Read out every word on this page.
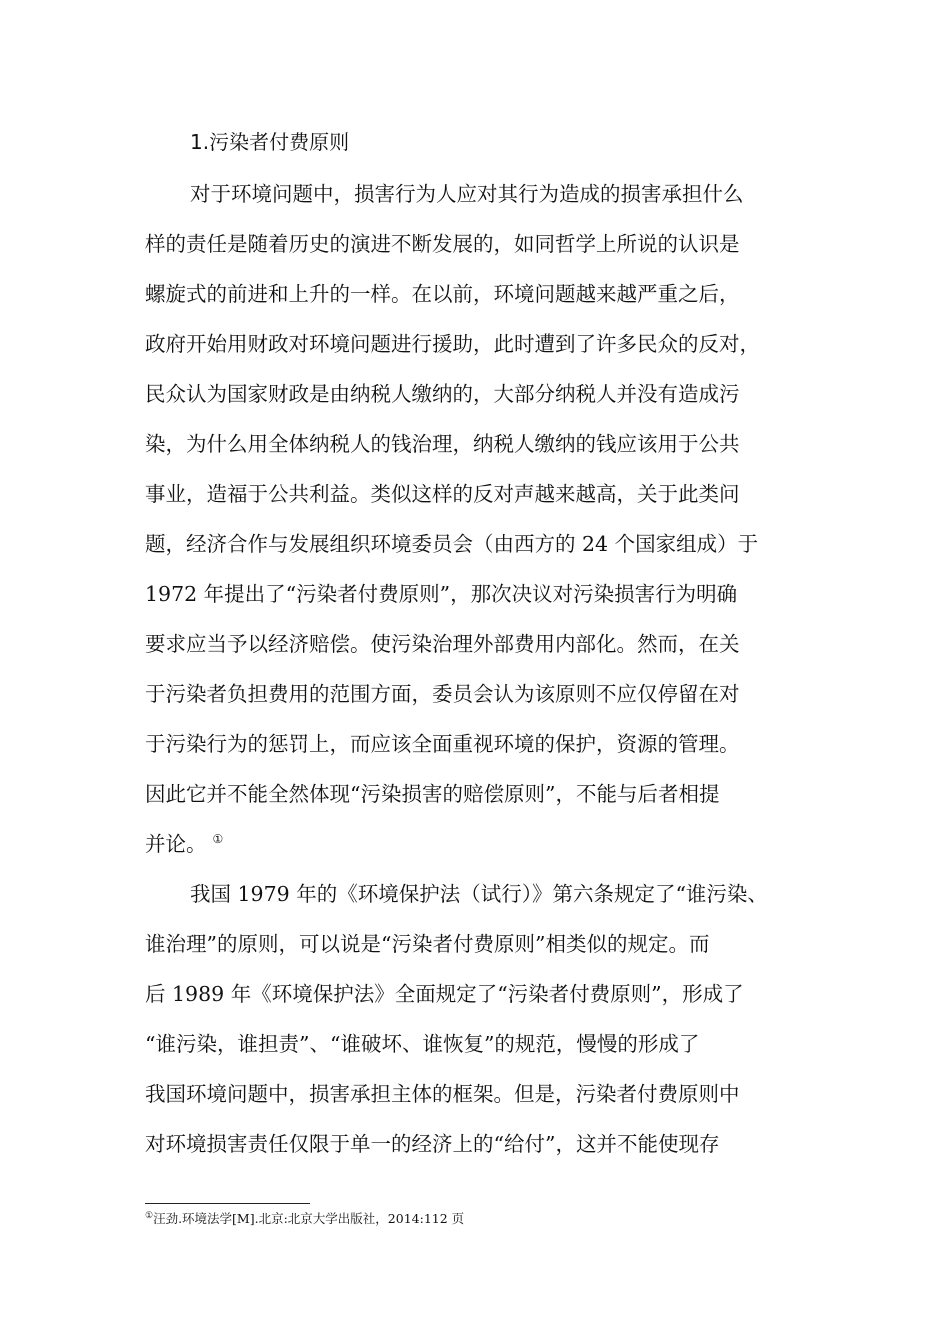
1.污染者付费原则
对于环境问题中，损害行为人应对其行为造成的损害承担什么
样的责任是随着历史的演进不断发展的，如同哲学上所说的认识是
螺旋式的前进和上升的一样。在以前，环境问题越来越严重之后，
政府开始用财政对环境问题进行援助，此时遭到了许多民众的反对，
民众认为国家财政是由纳税人缴纳的，大部分纳税人并没有造成污
染，为什么用全体纳税人的钱治理，纳税人缴纳的钱应该用于公共
事业，造福于公共利益。类似这样的反对声越来越高，关于此类问
题，经济合作与发展组织环境委员会（由西方的 24 个国家组成）于
1972 年提出了“污染者付费原则”，那次决议对污染损害行为明确
要求应当予以经济赔偿。使污染治理外部费用内部化。然而，在关
于污染者负担费用的范围方面，委员会认为该原则不应仅停留在对
于污染行为的惩罚上，而应该全面重视环境的保护，资源的管理。
因此它并不能全然体现“污染损害的赔偿原则”，不能与后者相提
并论。 ①
我国 1979 年的《环境保护法（试行）》第六条规定了“谁污染、
谁治理”的原则，可以说是“污染者付费原则”相类似的规定。而
后 1989 年《环境保护法》全面规定了“污染者付费原则”，形成了
“谁污染，谁担责”、“谁破坏、谁恢复”的规范，慢慢的形成了
我国环境问题中，损害承担主体的框架。但是，污染者付费原则中
对环境损害责任仅限于单一的经济上的“给付”，这并不能使现存
①汪劲.环境法学[M].北京:北京大学出版社，2014:112 页
